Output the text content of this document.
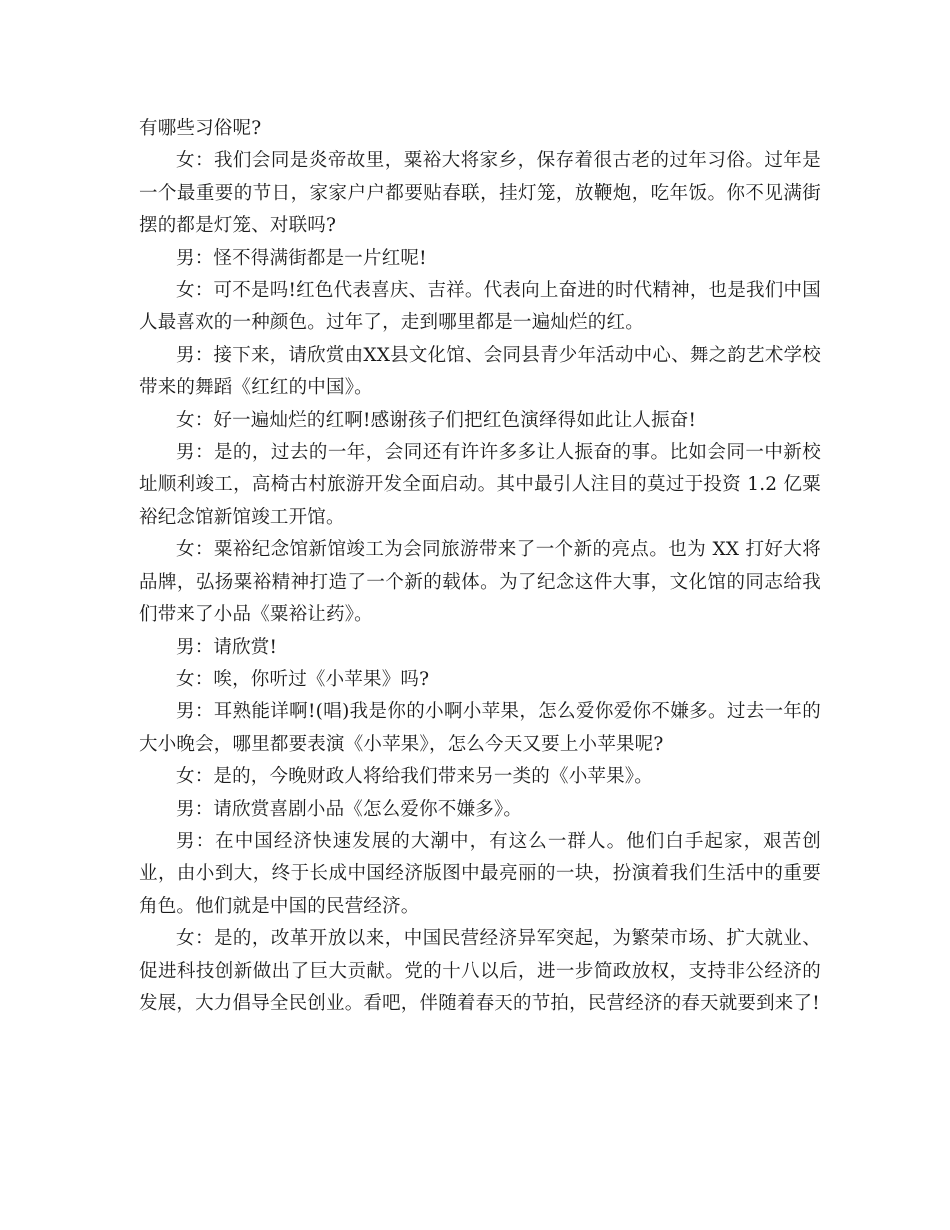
有哪些习俗呢?

女：我们会同是炎帝故里，粟裕大将家乡，保存着很古老的过年习俗。过年是一个最重要的节日，家家户户都要贴春联，挂灯笼，放鞭炮，吃年饭。你不见满街摆的都是灯笼、对联吗?

男：怪不得满街都是一片红呢!

女：可不是吗!红色代表喜庆、吉祥。代表向上奋进的时代精神，也是我们中国人最喜欢的一种颜色。过年了，走到哪里都是一遍灿烂的红。

男：接下来，请欣赏由XX县文化馆、会同县青少年活动中心、舞之韵艺术学校带来的舞蹈《红红的中国》。

女：好一遍灿烂的红啊!感谢孩子们把红色演绎得如此让人振奋!

男：是的，过去的一年，会同还有许许多多让人振奋的事。比如会同一中新校址顺利竣工，高椅古村旅游开发全面启动。其中最引人注目的莫过于投资 1.2 亿粟裕纪念馆新馆竣工开馆。

女：粟裕纪念馆新馆竣工为会同旅游带来了一个新的亮点。也为 XX 打好大将品牌，弘扬粟裕精神打造了一个新的载体。为了纪念这件大事，文化馆的同志给我们带来了小品《粟裕让药》。

男：请欣赏!

女：唉，你听过《小苹果》吗?

男：耳熟能详啊!(唱)我是你的小啊小苹果，怎么爱你爱你不嫌多。过去一年的大小晚会，哪里都要表演《小苹果》，怎么今天又要上小苹果呢?

女：是的，今晚财政人将给我们带来另一类的《小苹果》。

男：请欣赏喜剧小品《怎么爱你不嫌多》。

男：在中国经济快速发展的大潮中，有这么一群人。他们白手起家，艰苦创业，由小到大，终于长成中国经济版图中最亮丽的一块，扮演着我们生活中的重要角色。他们就是中国的民营经济。

女：是的，改革开放以来，中国民营经济异军突起，为繁荣市场、扩大就业、促进科技创新做出了巨大贡献。党的十八以后，进一步简政放权，支持非公经济的发展，大力倡导全民创业。看吧，伴随着春天的节拍，民营经济的春天就要到来了!
